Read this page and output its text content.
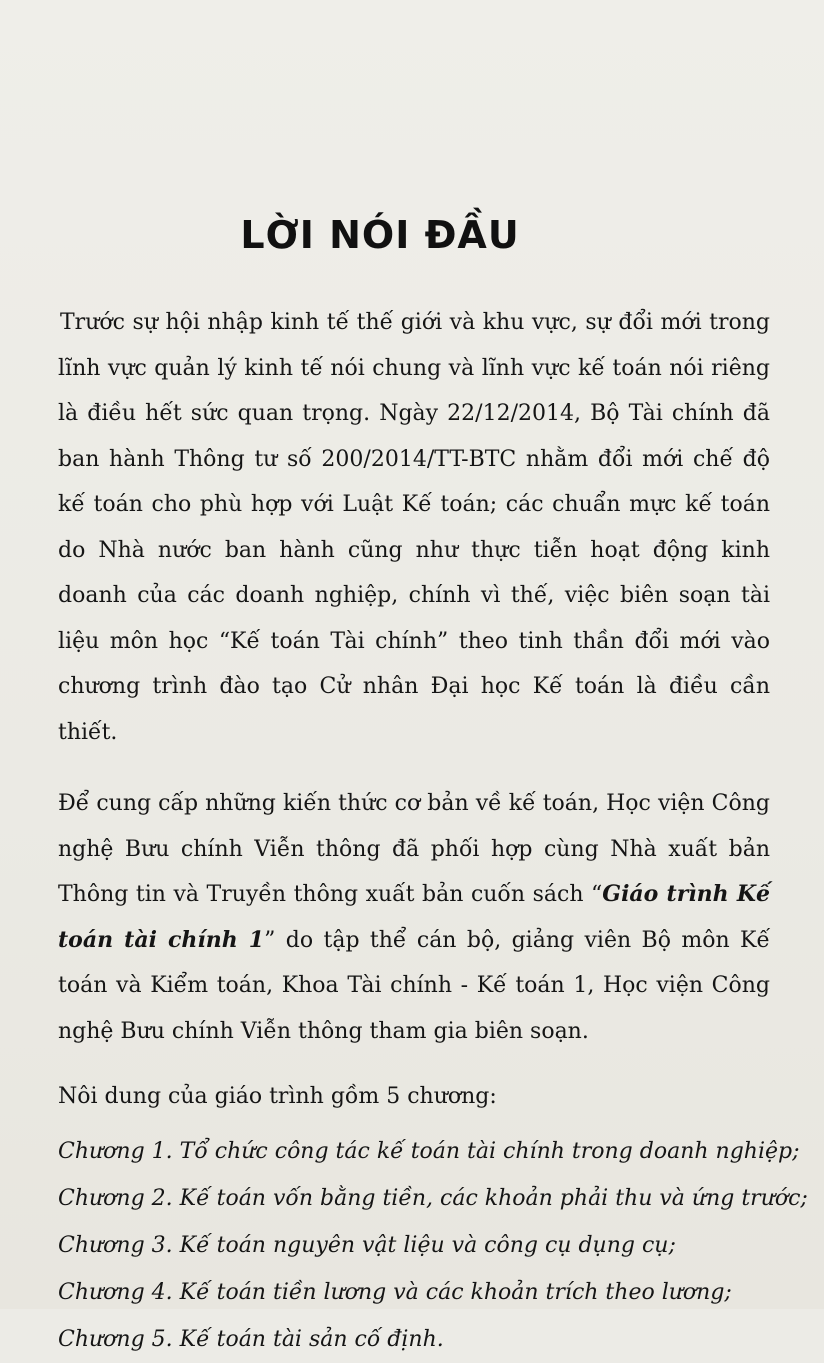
LỜI NÓI ĐẦU

Trước sự hội nhập kinh tế thế giới và khu vực, sự đổi mới trong lĩnh vực quản lý kinh tế nói chung và lĩnh vực kế toán nói riêng là điều hết sức quan trọng. Ngày 22/12/2014, Bộ Tài chính đã ban hành Thông tư số 200/2014/TT-BTC nhằm đổi mới chế độ kế toán cho phù hợp với Luật Kế toán; các chuẩn mực kế toán do Nhà nước ban hành cũng như thực tiễn hoạt động kinh doanh của các doanh nghiệp, chính vì thế, việc biên soạn tài liệu môn học “Kế toán Tài chính” theo tinh thần đổi mới vào chương trình đào tạo Cử nhân Đại học Kế toán là điều cần thiết.

Để cung cấp những kiến thức cơ bản về kế toán, Học viện Công nghệ Bưu chính Viễn thông đã phối hợp cùng Nhà xuất bản Thông tin và Truyền thông xuất bản cuốn sách “Giáo trình Kế toán tài chính 1” do tập thể cán bộ, giảng viên Bộ môn Kế toán và Kiểm toán, Khoa Tài chính - Kế toán 1, Học viện Công nghệ Bưu chính Viễn thông tham gia biên soạn.

Nôi dung của giáo trình gồm 5 chương:

Chương 1. Tổ chức công tác kế toán tài chính trong doanh nghiệp;

Chương 2. Kế toán vốn bằng tiền, các khoản phải thu và ứng trước;

Chương 3. Kế toán nguyên vật liệu và công cụ dụng cụ;

Chương 4. Kế toán tiền lương và các khoản trích theo lương;

Chương 5. Kế toán tài sản cố định.
